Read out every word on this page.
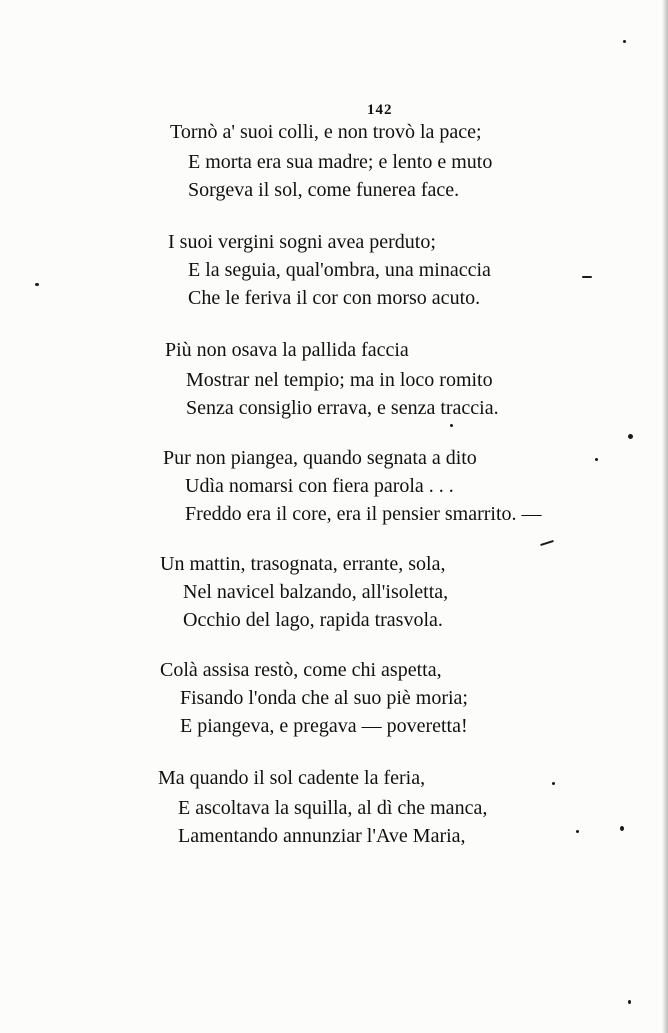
142
Tornò a' suoi colli, e non trovò la pace;
E morta era sua madre; e lento e muto
Sorgeva il sol, come funerea face.
I suoi vergini sogni avea perduto;
E la seguia, qual'ombra, una minaccia
Che le feriva il cor con morso acuto.
Più non osava la pallida faccia
Mostrar nel tempio; ma in loco romito
Senza consiglio errava, e senza traccia.
Pur non piangea, quando segnata a dito
Udìa nomarsi con fiera parola . . .
Freddo era il core, era il pensier smarrito. —
Un mattin, trasognata, errante, sola,
Nel navicel balzando, all'isoletta,
Occhio del lago, rapida trasvola.
Colà assisa restò, come chi aspetta,
Fisando l'onda che al suo piè moria;
E piangeva, e pregava — poveretta!
Ma quando il sol cadente la feria,
E ascoltava la squilla, al dì che manca,
Lamentando annunziar l'Ave Maria,
